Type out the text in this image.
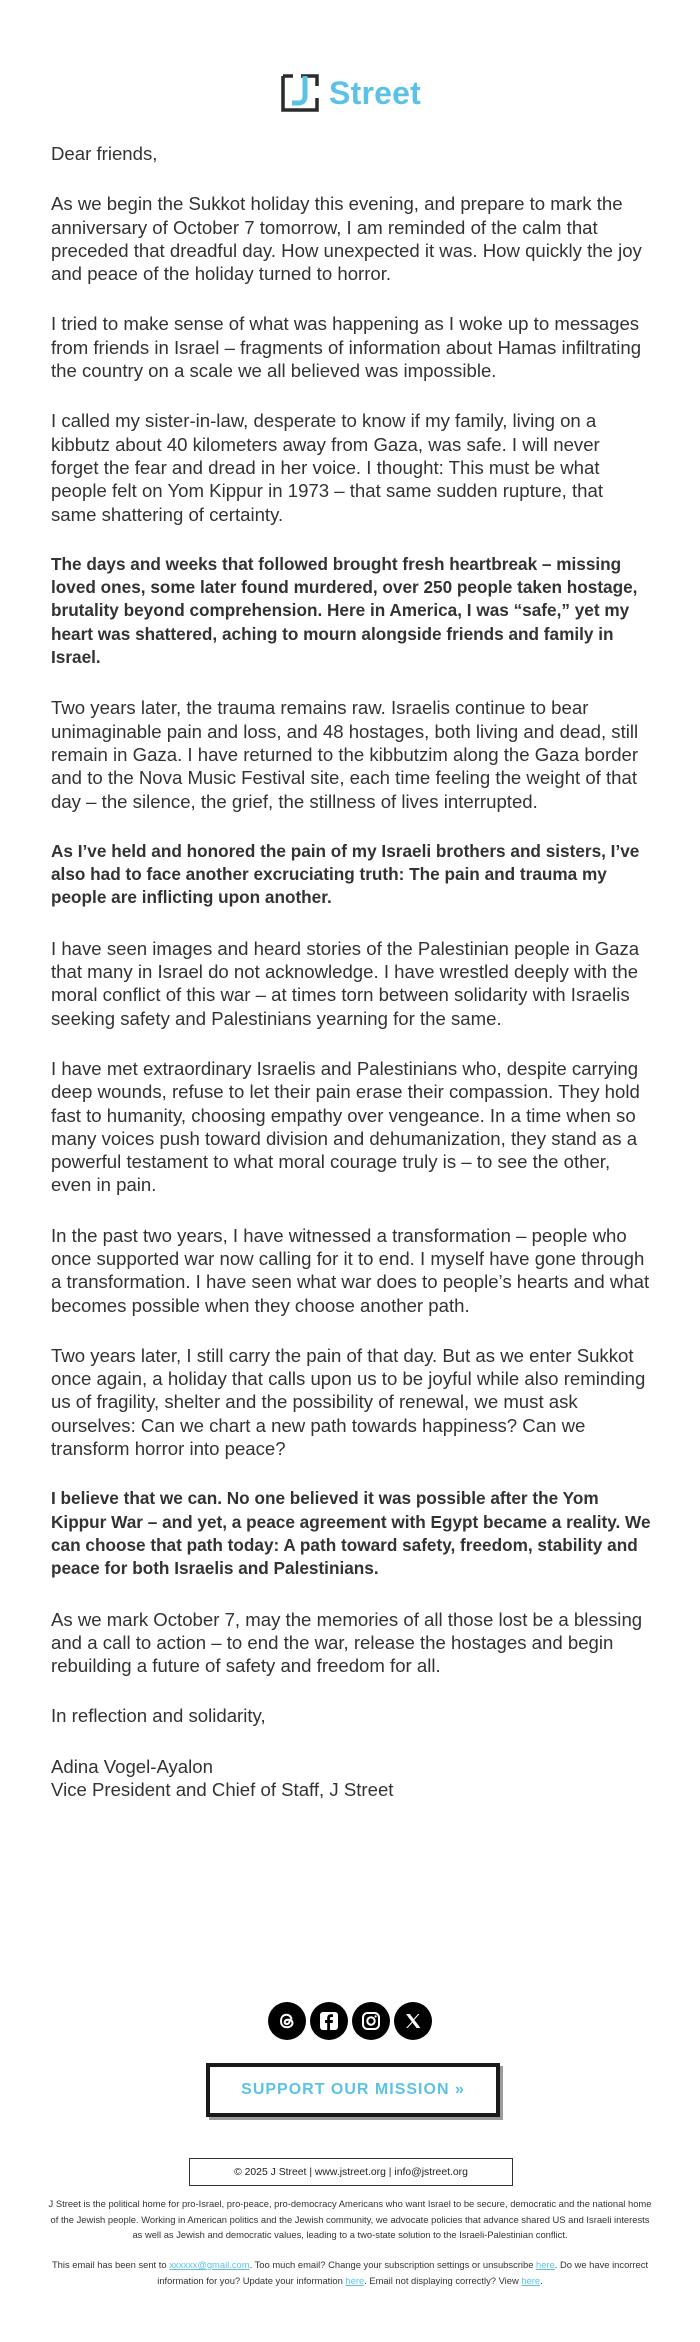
Street

Dear friends,

As we begin the Sukkot holiday this evening, and prepare to mark the anniversary of October 7 tomorrow, I am reminded of the calm that preceded that dreadful day. How unexpected it was. How quickly the joy and peace of the holiday turned to horror.

I tried to make sense of what was happening as I woke up to messages from friends in Israel – fragments of information about Hamas infiltrating the country on a scale we all believed was impossible.

I called my sister-in-law, desperate to know if my family, living on a kibbutz about 40 kilometers away from Gaza, was safe. I will never forget the fear and dread in her voice. I thought: This must be what people felt on Yom Kippur in 1973 – that same sudden rupture, that same shattering of certainty.

The days and weeks that followed brought fresh heartbreak – missing loved ones, some later found murdered, over 250 people taken hostage, brutality beyond comprehension. Here in America, I was “safe,” yet my heart was shattered, aching to mourn alongside friends and family in Israel.

Two years later, the trauma remains raw. Israelis continue to bear unimaginable pain and loss, and 48 hostages, both living and dead, still remain in Gaza. I have returned to the kibbutzim along the Gaza border and to the Nova Music Festival site, each time feeling the weight of that day – the silence, the grief, the stillness of lives interrupted.

As I’ve held and honored the pain of my Israeli brothers and sisters, I’ve also had to face another excruciating truth: The pain and trauma my people are inflicting upon another.

I have seen images and heard stories of the Palestinian people in Gaza that many in Israel do not acknowledge. I have wrestled deeply with the moral conflict of this war – at times torn between solidarity with Israelis seeking safety and Palestinians yearning for the same.

I have met extraordinary Israelis and Palestinians who, despite carrying deep wounds, refuse to let their pain erase their compassion. They hold fast to humanity, choosing empathy over vengeance. In a time when so many voices push toward division and dehumanization, they stand as a powerful testament to what moral courage truly is – to see the other, even in pain.

In the past two years, I have witnessed a transformation – people who once supported war now calling for it to end. I myself have gone through a transformation. I have seen what war does to people’s hearts and what becomes possible when they choose another path.

Two years later, I still carry the pain of that day. But as we enter Sukkot once again, a holiday that calls upon us to be joyful while also reminding us of fragility, shelter and the possibility of renewal, we must ask ourselves: Can we chart a new path towards happiness? Can we transform horror into peace?

I believe that we can. No one believed it was possible after the Yom Kippur War – and yet, a peace agreement with Egypt became a reality. We can choose that path today: A path toward safety, freedom, stability and peace for both Israelis and Palestinians.

As we mark October 7, may the memories of all those lost be a blessing and a call to action – to end the war, release the hostages and begin rebuilding a future of safety and freedom for all.

In reflection and solidarity,

Adina Vogel-Ayalon
Vice President and Chief of Staff, J Street

SUPPORT OUR MISSION »
© 2025 J Street | www.jstreet.org | info@jstreet.org
J Street is the political home for pro-Israel, pro-peace, pro-democracy Americans who want Israel to be secure, democratic and the national home of the Jewish people. Working in American politics and the Jewish community, we advocate policies that advance shared US and Israeli interests as well as Jewish and democratic values, leading to a two-state solution to the Israeli-Palestinian conflict.
This email has been sent to xxxxxx@gmail.com. Too much email? Change your subscription settings or unsubscribe here. Do we have incorrect information for you? Update your information here. Email not displaying correctly? View here.
